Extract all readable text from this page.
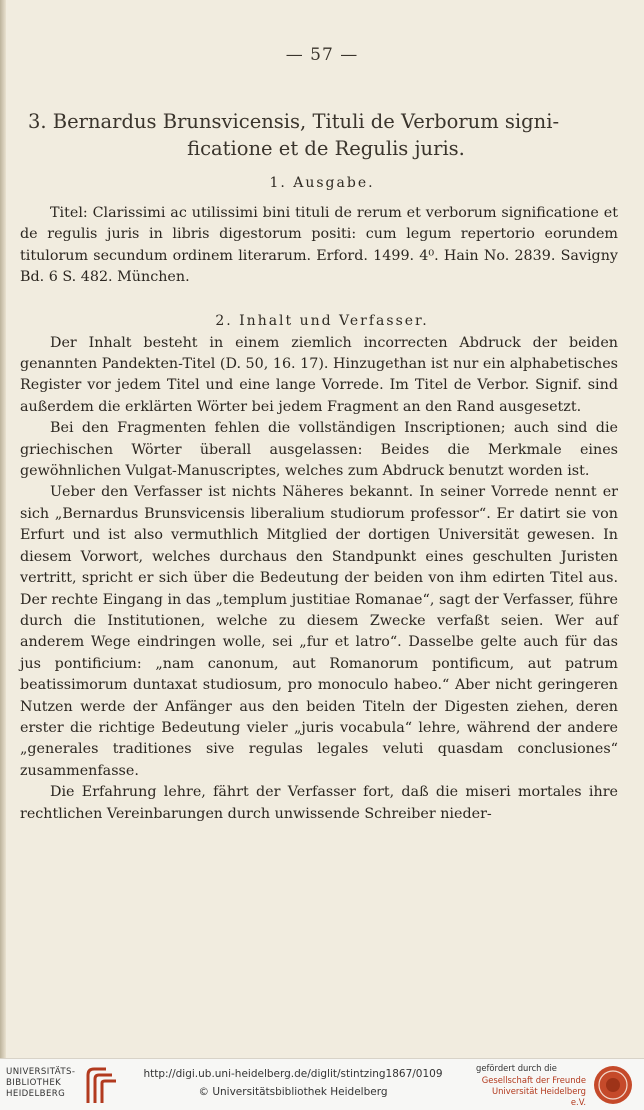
— 57 —
3. Bernardus Brunsvicensis, Tituli de Verborum signi-
ficatione et de Regulis juris.
1. Ausgabe.

Titel: Clarissimi ac utilissimi bini tituli de rerum et verborum significatione et de regulis juris in libris digestorum positi: cum legum repertorio eorundem titulorum secundum ordinem literarum. Erford. 1499. 4⁰. Hain No. 2839. Savigny Bd. 6 S. 482. München.

Der Inhalt besteht in einem ziemlich incorrecten Abdruck der beiden genannten Pandekten-Titel (D. 50, 16. 17). Hinzugethan ist nur ein alphabetisches Register vor jedem Titel und eine lange Vorrede. Im Titel de Verbor. Signif. sind außerdem die erklärten Wörter bei jedem Fragment an den Rand ausgesetzt.

Bei den Fragmenten fehlen die vollständigen Inscriptionen; auch sind die griechischen Wörter überall ausgelassen: Beides die Merkmale eines gewöhnlichen Vulgat-Manuscriptes, welches zum Abdruck benutzt worden ist.

Ueber den Verfasser ist nichts Näheres bekannt. In seiner Vorrede nennt er sich „Bernardus Brunsvicensis liberalium studiorum professor“. Er datirt sie von Erfurt und ist also vermuthlich Mitglied der dortigen Universität gewesen. In diesem Vorwort, welches durchaus den Standpunkt eines geschulten Juristen vertritt, spricht er sich über die Bedeutung der beiden von ihm edirten Titel aus. Der rechte Eingang in das „templum justitiae Romanae“, sagt der Verfasser, führe durch die Institutionen, welche zu diesem Zwecke verfaßt seien. Wer auf anderem Wege eindringen wolle, sei „fur et latro“. Dasselbe gelte auch für das jus pontificium: „nam canonum, aut Romanorum pontificum, aut patrum beatissimorum duntaxat studiosum, pro monoculo habeo.“ Aber nicht geringeren Nutzen werde der Anfänger aus den beiden Titeln der Digesten ziehen, deren erster die richtige Bedeutung vieler „juris vocabula“ lehre, während der andere „generales traditiones sive regulas legales veluti quasdam conclusiones“ zusammenfasse.

Die Erfahrung lehre, fährt der Verfasser fort, daß die miseri mortales ihre rechtlichen Vereinbarungen durch unwissende Schreiber nieder-

2. Inhalt und Verfasser.
UNIVERSITÄTS-
BIBLIOTHEK
HEIDELBERG
http://digi.ub.uni-heidelberg.de/diglit/stintzing1867/0109
© Universitätsbibliothek Heidelberg
gefördert durch die
Gesellschaft der Freunde
Universität Heidelberg e.V.
